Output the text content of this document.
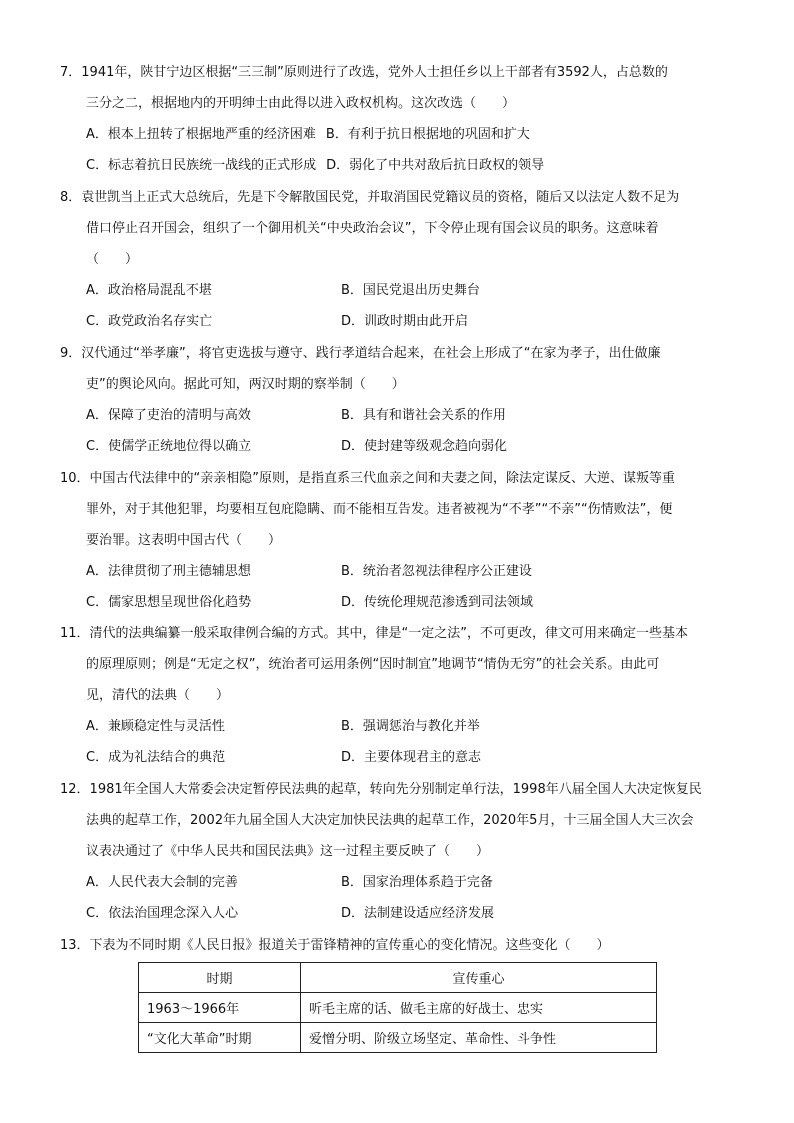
7．1941年，陕甘宁边区根据“三三制”原则进行了改选，党外人士担任乡以上干部者有3592人，占总数的
三分之二，根据地内的开明绅士由此得以进入政权机构。这次改选（　　）
A．根本上扭转了根据地严重的经济困难 B．有利于抗日根据地的巩固和扩大
C．标志着抗日民族统一战线的正式形成 D．弱化了中共对敌后抗日政权的领导
8．袁世凯当上正式大总统后，先是下令解散国民党，并取消国民党籍议员的资格，随后又以法定人数不足为
借口停止召开国会，组织了一个御用机关“中央政治会议”，下令停止现有国会议员的职务。这意味着
（　　）
A．政治格局混乱不堪	B．国民党退出历史舞台
C．政党政治名存实亡	D．训政时期由此开启
9．汉代通过“举孝廉”，将官吏选拔与遵守、践行孝道结合起来，在社会上形成了“在家为孝子，出仕做廉
吏”的舆论风向。据此可知，两汉时期的察举制（　　）
A．保障了吏治的清明与高效	B．具有和谐社会关系的作用
C．使儒学正统地位得以确立	D．使封建等级观念趋向弱化
10．中国古代法律中的“亲亲相隐”原则，是指直系三代血亲之间和夫妻之间，除法定谋反、大逆、谋叛等重
罪外，对于其他犯罪，均要相互包庇隐瞒、而不能相互告发。违者被视为“不孝”“不亲”“伤情败法”，便
要治罪。这表明中国古代（　　）
A．法律贯彻了刑主德辅思想	B．统治者忽视法律程序公正建设
C．儒家思想呈现世俗化趋势	D．传统伦理规范渗透到司法领域
11．清代的法典编纂一般采取律例合编的方式。其中，律是“一定之法”，不可更改，律文可用来确定一些基本
的原理原则；例是“无定之权”，统治者可运用条例“因时制宜”地调节“情伪无穷”的社会关系。由此可
见，清代的法典（　　）
A．兼顾稳定性与灵活性	B．强调惩治与教化并举
C．成为礼法结合的典范	D．主要体现君主的意志
12．1981年全国人大常委会决定暂停民法典的起草，转向先分别制定单行法，1998年八届全国人大决定恢复民
法典的起草工作，2002年九届全国人大决定加快民法典的起草工作，2020年5月，十三届全国人大三次会
议表决通过了《中华人民共和国民法典》这一过程主要反映了（　　）
A．人民代表大会制的完善	B．国家治理体系趋于完备
C．依法治国理念深入人心	D．法制建设适应经济发展
13．下表为不同时期《人民日报》报道关于雷锋精神的宣传重心的变化情况。这些变化（　　）
时期	宣传重心
1963～1966年	听毛主席的话、做毛主席的好战士、忠实
“文化大革命”时期	爱憎分明、阶级立场坚定、革命性、斗争性
